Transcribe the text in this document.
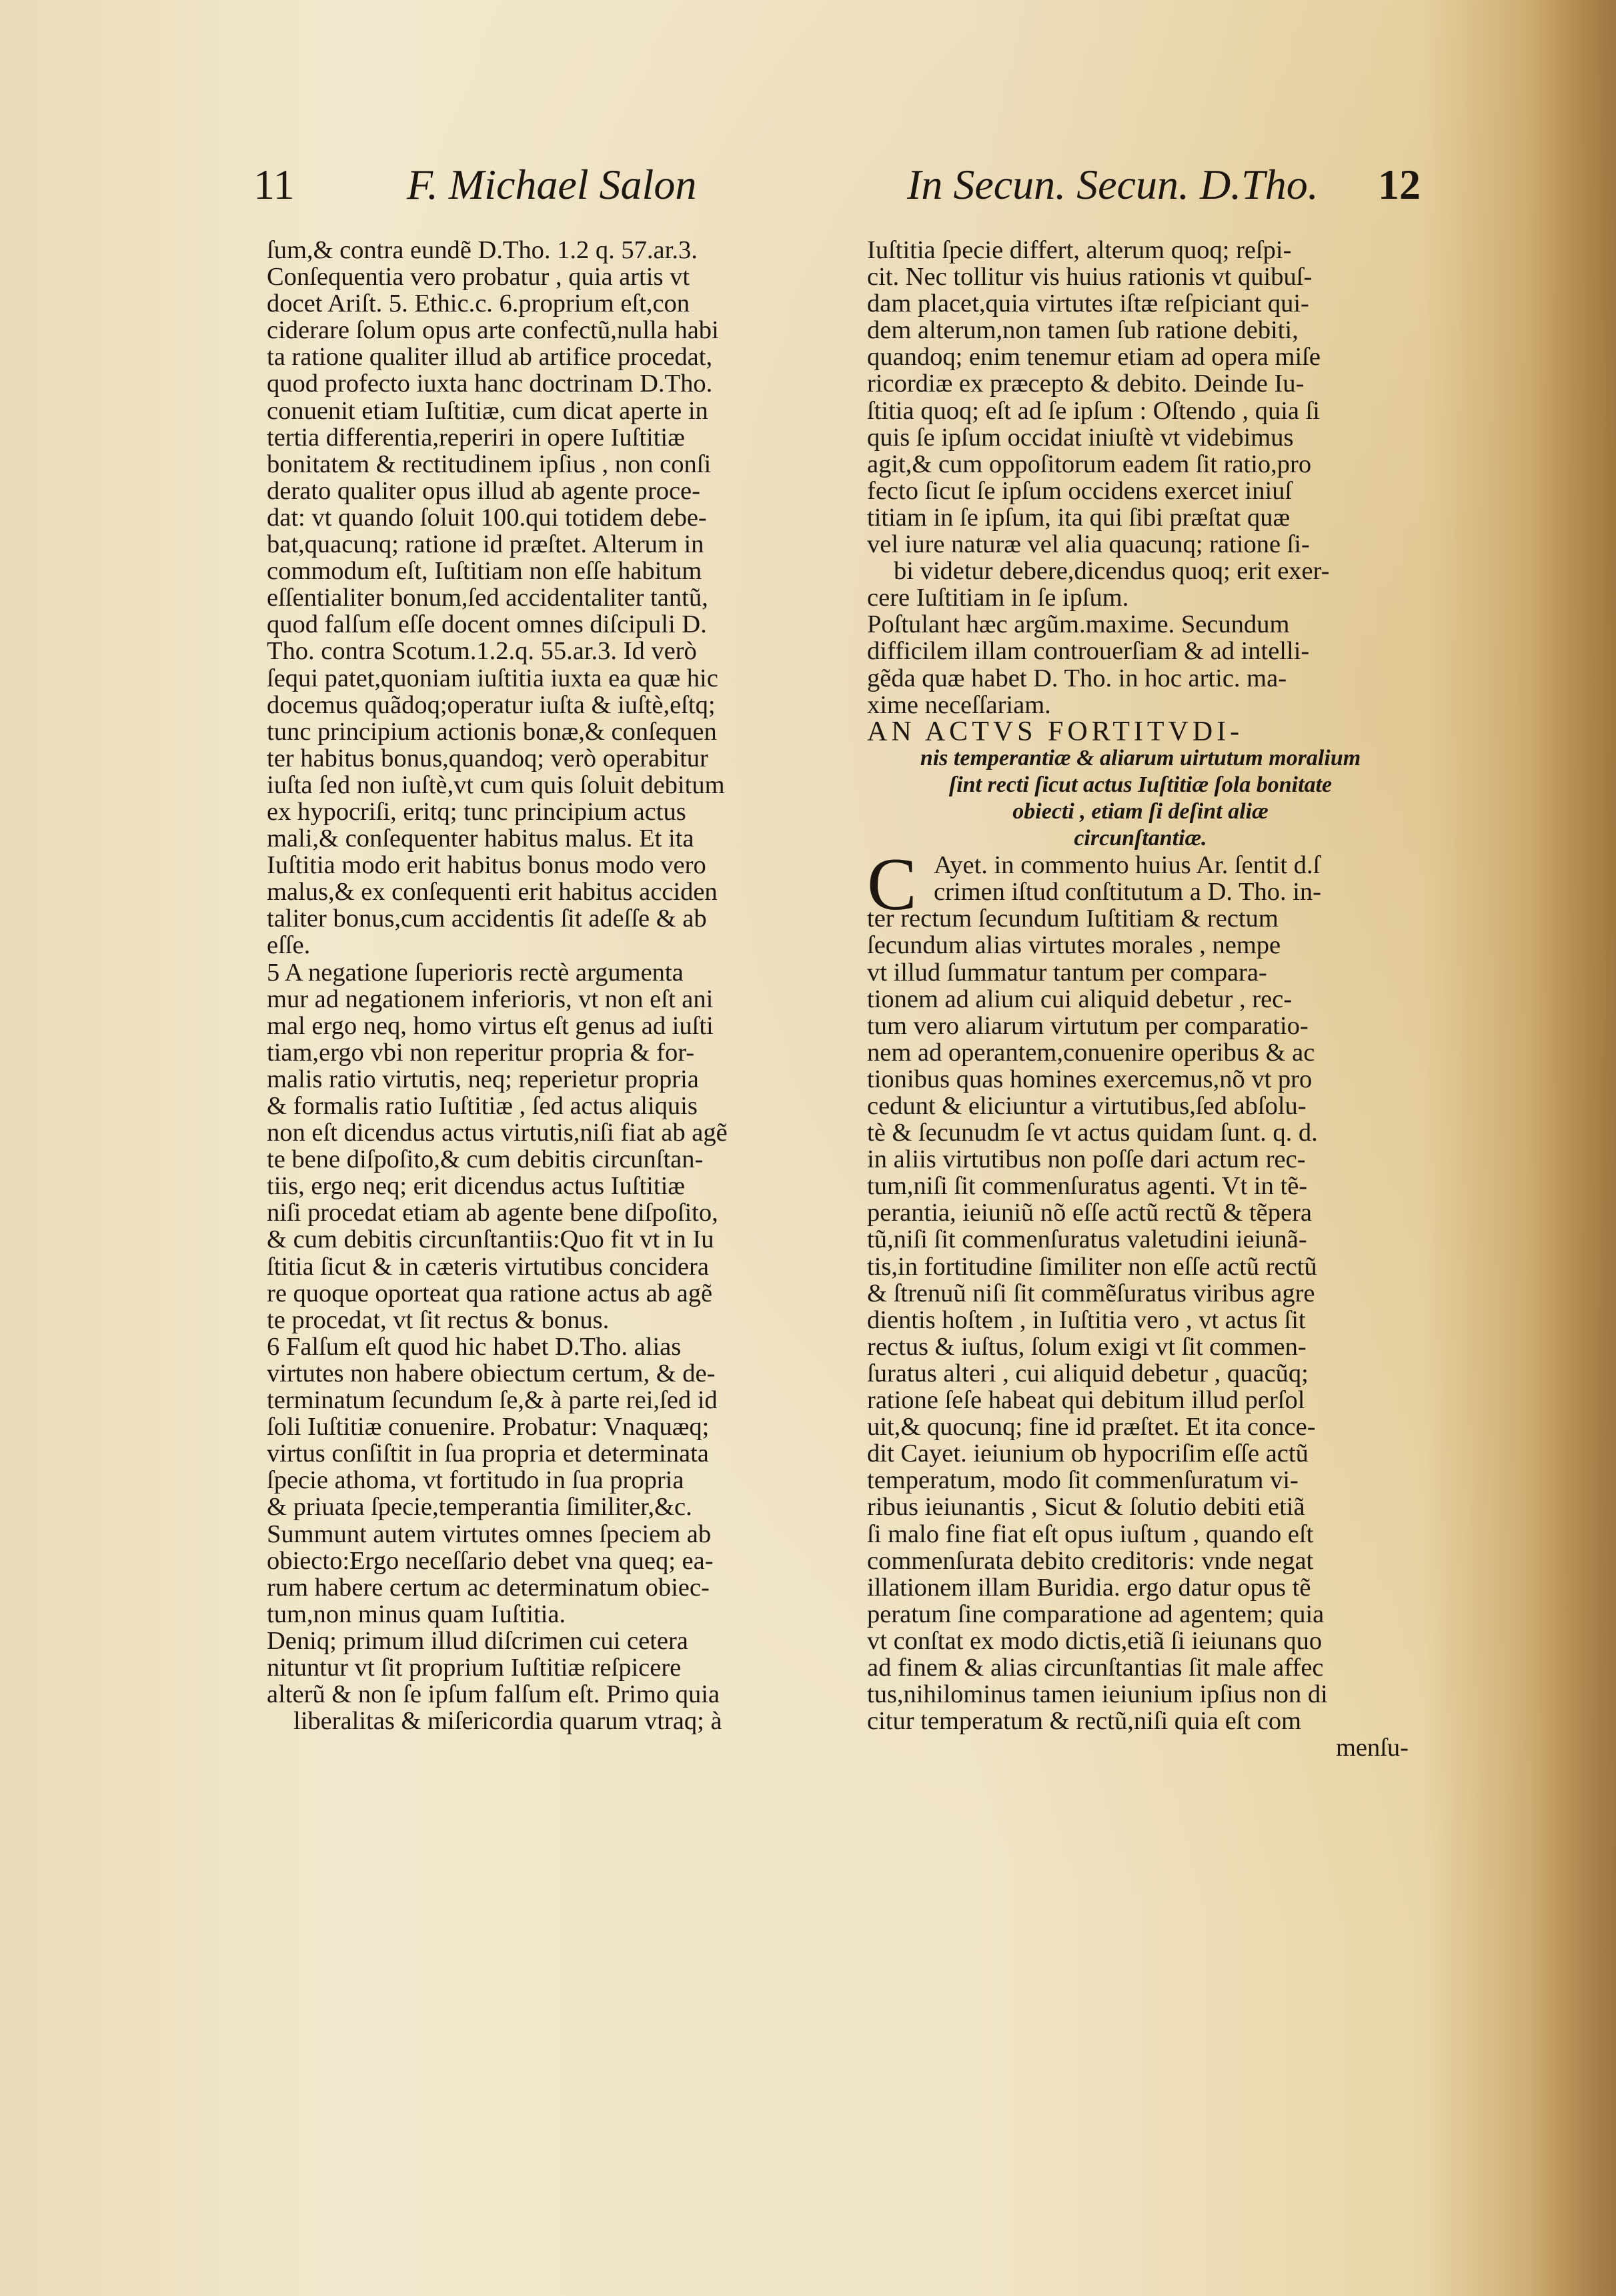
11	F. Michael Salon	In Secun. Secun. D.Tho. 12
ſum,& contra eundẽ D.Tho. 1.2 q. 57.ar.3.
Conſequentia vero probatur , quia artis vt
docet Ariſt. 5. Ethic.c. 6.proprium eſt,con
ciderare ſolum opus arte confectũ,nulla habi
ta ratione qualiter illud ab artifice procedat,
quod profecto iuxta hanc doctrinam D.Tho.
conuenit etiam Iuſtitiæ, cum dicat aperte in
tertia differentia,reperiri in opere Iuſtitiæ
bonitatem & rectitudinem ipſius , non conſi
derato qualiter opus illud ab agente proce-
dat: vt quando ſoluit 100.qui totidem debe-
bat,quacunq; ratione id præſtet. Alterum in
commodum eſt, Iuſtitiam non eſſe habitum
eſſentialiter bonum,ſed accidentaliter tantũ,
quod falſum eſſe docent omnes diſcipuli D.
Tho. contra Scotum.1.2.q. 55.ar.3. Id verò
ſequi patet,quoniam iuſtitia iuxta ea quæ hic
docemus quãdoq;operatur iuſta & iuſtè,eſtq;
tunc principium actionis bonæ,& conſequen
ter habitus bonus,quandoq; verò operabitur
iuſta ſed non iuſtè,vt cum quis ſoluit debitum
ex hypocriſi, eritq; tunc principium actus
mali,& conſequenter habitus malus. Et ita
Iuſtitia modo erit habitus bonus modo vero
malus,& ex conſequenti erit habitus acciden
taliter bonus,cum accidentis ſit adeſſe & ab
eſſe.
5 A negatione ſuperioris rectè argumenta
mur ad negationem inferioris, vt non eſt ani
mal ergo neq, homo virtus eſt genus ad iuſti
tiam,ergo vbi non reperitur propria & for-
malis ratio virtutis, neq; reperietur propria
& formalis ratio Iuſtitiæ , ſed actus aliquis
non eſt dicendus actus virtutis,niſi fiat ab agẽ
te bene diſpoſito,& cum debitis circunſtan-
tiis, ergo neq; erit dicendus actus Iuſtitiæ
niſi procedat etiam ab agente bene diſpoſito,
& cum debitis circunſtantiis:Quo fit vt in Iu
ſtitia ſicut & in cæteris virtutibus concidera
re quoque oporteat qua ratione actus ab agẽ
te procedat, vt ſit rectus & bonus.
6 Falſum eſt quod hic habet D.Tho. alias
virtutes non habere obiectum certum, & de-
terminatum ſecundum ſe,& à parte rei,ſed id
ſoli Iuſtitiæ conuenire. Probatur: Vnaquæq;
virtus conſiſtit in ſua propria et determinata
ſpecie athoma, vt fortitudo in ſua propria
& priuata ſpecie,temperantia ſimiliter,&c.
Summunt autem virtutes omnes ſpeciem ab
obiecto:Ergo neceſſario debet vna queq; ea-
rum habere certum ac determinatum obiec-
tum,non minus quam Iuſtitia.
Deniq; primum illud diſcrimen cui cetera
nituntur vt ſit proprium Iuſtitiæ reſpicere
alterũ & non ſe ipſum falſum eſt. Primo quia
liberalitas & miſericordia quarum vtraq; à
Iuſtitia ſpecie differt, alterum quoq; reſpi-
cit. Nec tollitur vis huius rationis vt quibuſ-
dam placet,quia virtutes iſtæ reſpiciant qui-
dem alterum,non tamen ſub ratione debiti,
quandoq; enim tenemur etiam ad opera miſe
ricordiæ ex præcepto & debito. Deinde Iu-
ſtitia quoq; eſt ad ſe ipſum : Oſtendo , quia ſi
quis ſe ipſum occidat iniuſtè vt videbimus
agit,& cum oppoſitorum eadem ſit ratio,pro
fecto ſicut ſe ipſum occidens exercet iniuſ
titiam in ſe ipſum, ita qui ſibi præſtat quæ
vel iure naturæ vel alia quacunq; ratione ſi-
bi videtur debere,dicendus quoq; erit exer-
cere Iuſtitiam in ſe ipſum.
Poſtulant hæc argũm.maxime. Secundum
difficilem illam controuerſiam & ad intelli-
gẽda quæ habet D. Tho. in hoc artic. ma-
xime neceſſariam.
AN ACTVS FORTITVDI-
nis temperantiæ & aliarum uirtutum moralium
ſint recti ſicut actus Iuſtitiæ ſola bonitate
obiecti , etiam ſi deſint aliæ
circunſtantiæ.
C Ayet. in commento huius Ar. ſentit d.ſ
crimen iſtud conſtitutum a D. Tho. in-
ter rectum ſecundum Iuſtitiam & rectum
ſecundum alias virtutes morales , nempe
vt illud ſummatur tantum per compara-
tionem ad alium cui aliquid debetur , rec-
tum vero aliarum virtutum per comparatio-
nem ad operantem,conuenire operibus & ac
tionibus quas homines exercemus,nõ vt pro
cedunt & eliciuntur a virtutibus,ſed abſolu-
tè & ſecunudm ſe vt actus quidam ſunt. q. d.
in aliis virtutibus non poſſe dari actum rec-
tum,niſi ſit commenſuratus agenti. Vt in tẽ-
perantia, ieiuniũ nõ eſſe actũ rectũ & tẽpera
tũ,niſi ſit commenſuratus valetudini ieiunã-
tis,in fortitudine ſimiliter non eſſe actũ rectũ
& ſtrenuũ niſi ſit commẽſuratus viribus agre
dientis hoſtem , in Iuſtitia vero , vt actus ſit
rectus & iuſtus, ſolum exigi vt ſit commen-
ſuratus alteri , cui aliquid debetur , quacũq;
ratione ſeſe habeat qui debitum illud perſol
uit,& quocunq; fine id præſtet. Et ita conce-
dit Cayet. ieiunium ob hypocriſim eſſe actũ
temperatum, modo ſit commenſuratum vi-
ribus ieiunantis , Sicut & ſolutio debiti etiã
ſi malo fine fiat eſt opus iuſtum , quando eſt
commenſurata debito creditoris: vnde negat
illationem illam Buridia. ergo datur opus tẽ
peratum ſine comparatione ad agentem; quia
vt conſtat ex modo dictis,etiã ſi ieiunans quo
ad finem & alias circunſtantias ſit male affec
tus,nihilominus tamen ieiunium ipſius non di
citur temperatum & rectũ,niſi quia eſt com
menſu-
